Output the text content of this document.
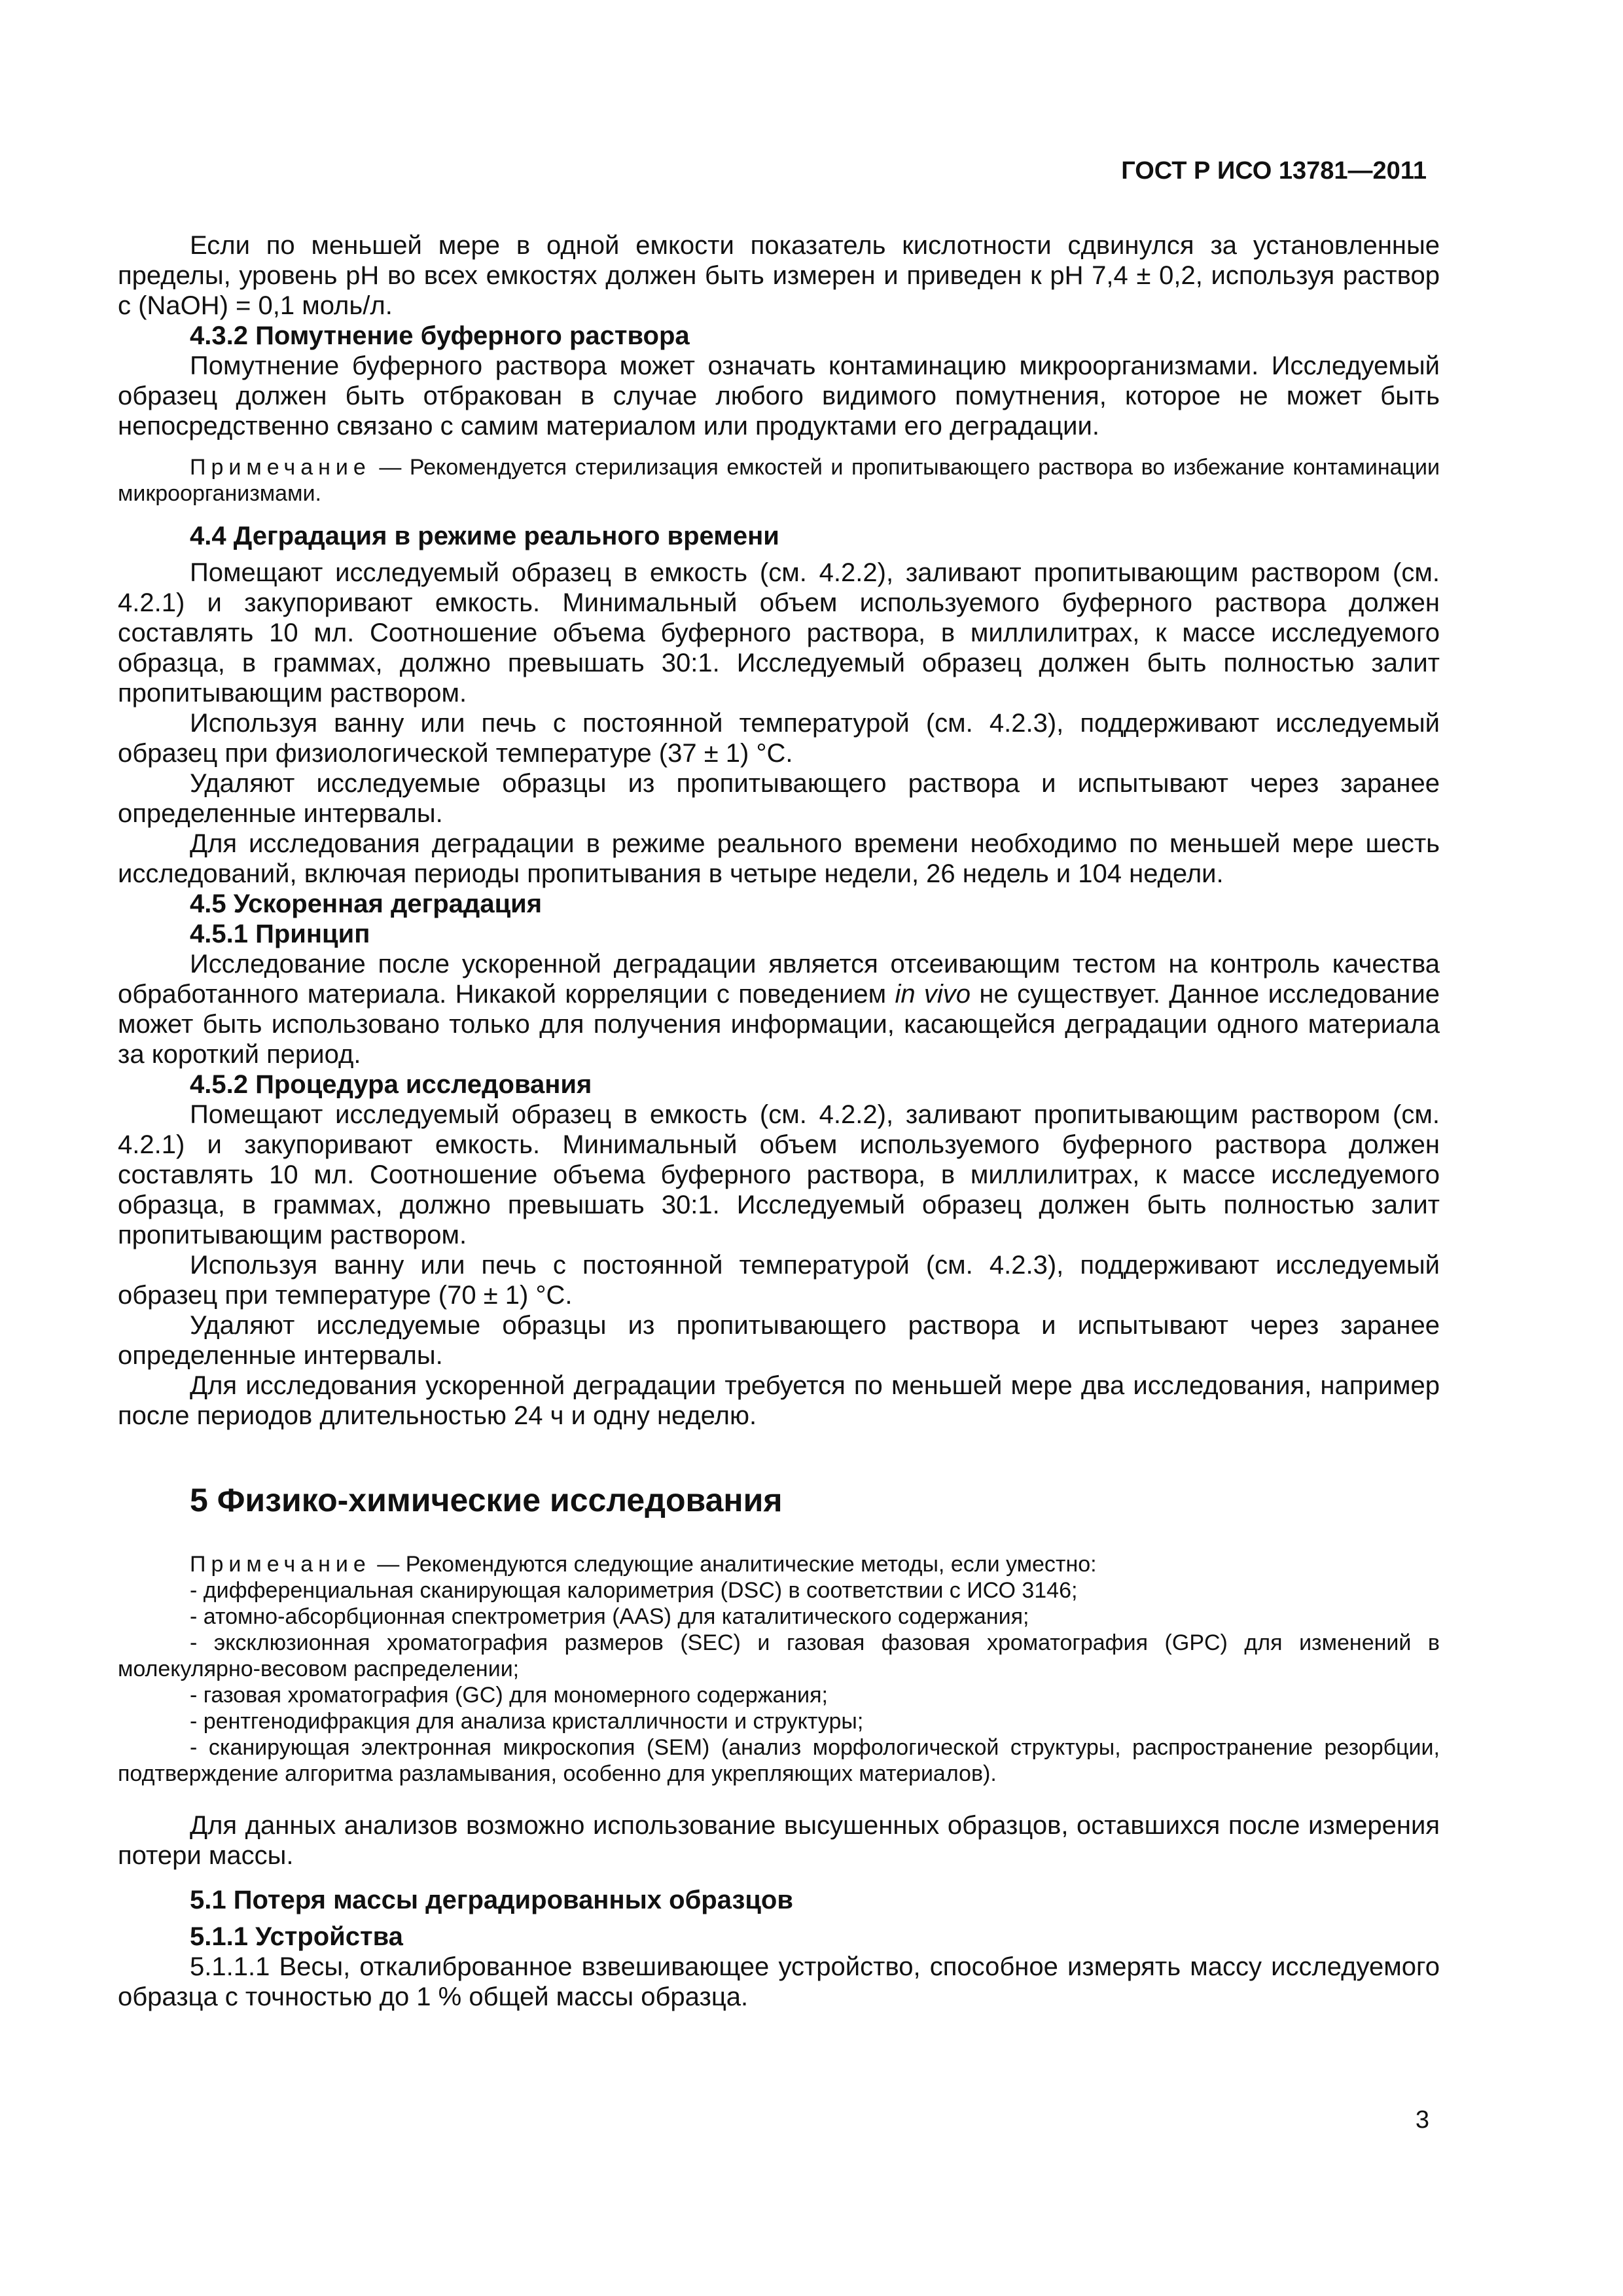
ГОСТ Р ИСО 13781—2011

Если по меньшей мере в одной емкости показатель кислотности сдвинулся за установленные пределы, уровень рН во всех емкостях должен быть измерен и приведен к рН 7,4 ± 0,2, используя раствор c (NaOH) = 0,1 моль/л.

4.3.2 Помутнение буферного раствора

Помутнение буферного раствора может означать контаминацию микроорганизмами. Исследуемый образец должен быть отбракован в случае любого видимого помутнения, которое не может быть непосредственно связано с самим материалом или продуктами его деградации.

Примечание — Рекомендуется стерилизация емкостей и пропитывающего раствора во избежание контаминации микроорганизмами.

4.4 Деградация в режиме реального времени

Помещают исследуемый образец в емкость (см. 4.2.2), заливают пропитывающим раствором (см. 4.2.1) и закупоривают емкость. Минимальный объем используемого буферного раствора должен составлять 10 мл. Соотношение объема буферного раствора, в миллилитрах, к массе исследуемого образца, в граммах, должно превышать 30:1. Исследуемый образец должен быть полностью залит пропитывающим раствором.

Используя ванну или печь с постоянной температурой (см. 4.2.3), поддерживают исследуемый образец при физиологической температуре (37 ± 1) °С.

Удаляют исследуемые образцы из пропитывающего раствора и испытывают через заранее определенные интервалы.

Для исследования деградации в режиме реального времени необходимо по меньшей мере шесть исследований, включая периоды пропитывания в четыре недели, 26 недель и 104 недели.

4.5 Ускоренная деградация

4.5.1 Принцип

Исследование после ускоренной деградации является отсеивающим тестом на контроль качества обработанного материала. Никакой корреляции с поведением in vivo не существует. Данное исследование может быть использовано только для получения информации, касающейся деградации одного материала за короткий период.

4.5.2 Процедура исследования

Помещают исследуемый образец в емкость (см. 4.2.2), заливают пропитывающим раствором (см. 4.2.1) и закупоривают емкость. Минимальный объем используемого буферного раствора должен составлять 10 мл. Соотношение объема буферного раствора, в миллилитрах, к массе исследуемого образца, в граммах, должно превышать 30:1. Исследуемый образец должен быть полностью залит пропитывающим раствором.

Используя ванну или печь с постоянной температурой (см. 4.2.3), поддерживают исследуемый образец при температуре (70 ± 1) °С.

Удаляют исследуемые образцы из пропитывающего раствора и испытывают через заранее определенные интервалы.

Для исследования ускоренной деградации требуется по меньшей мере два исследования, например после периодов длительностью 24 ч и одну неделю.

5 Физико-химические исследования

Примечание — Рекомендуются следующие аналитические методы, если уместно:

- дифференциальная сканирующая калориметрия (DSC) в соответствии с ИСО 3146;

- атомно-абсорбционная спектрометрия (AAS) для каталитического содержания;

- эксклюзионная хроматография размеров (SEC) и газовая фазовая хроматография (GPC) для изменений в молекулярно-весовом распределении;

- газовая хроматография (GC) для мономерного содержания;

- рентгенодифракция для анализа кристалличности и структуры;

- сканирующая электронная микроскопия (SEM) (анализ морфологической структуры, распространение резорбции, подтверждение алгоритма разламывания, особенно для укрепляющих материалов).

Для данных анализов возможно использование высушенных образцов, оставшихся после измерения потери массы.

5.1 Потеря массы деградированных образцов

5.1.1 Устройства

5.1.1.1 Весы, откалиброванное взвешивающее устройство, способное измерять массу исследуемого образца с точностью до 1 % общей массы образца.

3
